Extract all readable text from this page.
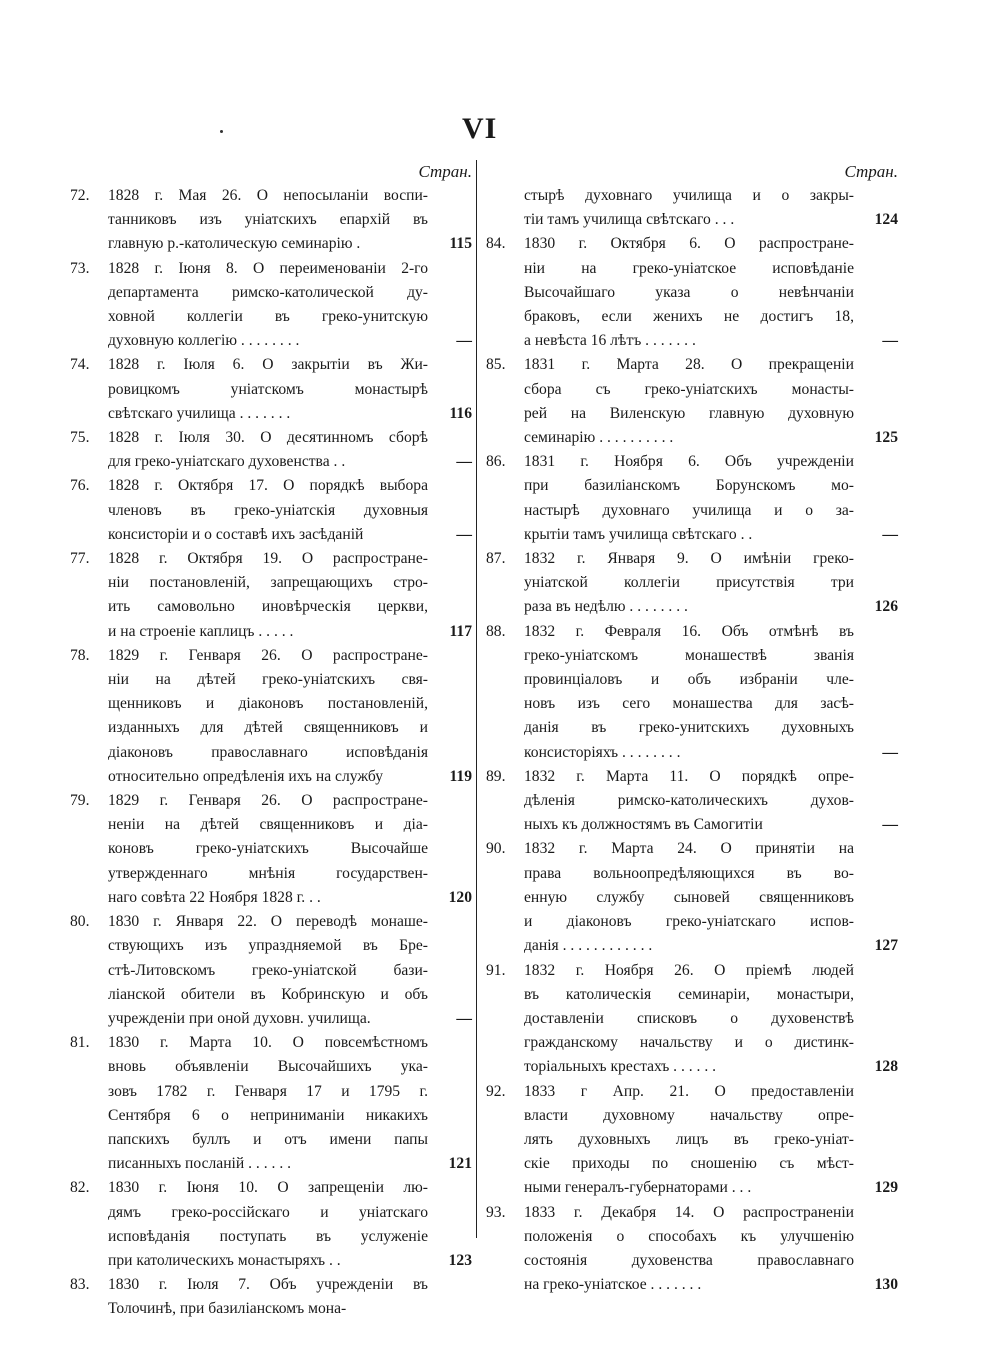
VI
Стран.
72. 1828 г. Мая 26. О непосыланіи воспи-
танниковъ изъ уніатскихъ епархій въ
главную р.-католическую семинарію .	115
73. 1828 г. Іюня 8. О переименованіи 2-го
департамента римско-католической ду-
ховной коллегіи въ греко-унитскую
духовную коллегію . . . . . . . .	—
74. 1828 г. Іюля 6. О закрытіи въ Жи-
ровицкомъ уніатскомъ монастырѣ
свѣтскаго училища . . . . . . .	116
75. 1828 г. Іюля 30. О десятинномъ сборѣ
для греко-уніатскаго духовенства . .	—
76. 1828 г. Октября 17. О порядкѣ выбора
членовъ въ греко-уніатскія духовныя
консисторіи и о составѣ ихъ засѣданій	—
77. 1828 г. Октября 19. О распростране-
ніи постановленій, запрещающихъ стро-
ить самовольно иновѣрческія церкви,
и на строеніе каплицъ . . . . .	117
78. 1829 г. Генваря 26. О распростране-
ніи на дѣтей греко-уніатскихъ свя-
щенниковъ и діаконовъ постановленій,
изданныхъ для дѣтей священниковъ и
діаконовъ православнаго исповѣданія
относительно опредѣленія ихъ на службу	119
79. 1829 г. Генваря 26. О распростране-
неніи на дѣтей священниковъ и діа-
коновъ греко-уніатскихъ Высочайше
утвержденнаго мнѣнія государствен-
наго совѣта 22 Ноября 1828 г. . .	120
80. 1830 г. Января 22. О переводѣ монаше-
ствующихъ изъ упраздняемой въ Бре-
стѣ-Литовскомъ греко-уніатской бази-
ліанской обители въ Кобринскую и объ
учрежденіи при оной духовн. училища.	—
81. 1830 г. Марта 10. О повсемѣстномъ
вновь объявленіи Высочайшихъ ука-
зовъ 1782 г. Генваря 17 и 1795 г.
Сентября 6 о непринимaніи никакихъ
папскихъ буллъ и отъ имени папы
писанныхъ посланій . . . . . .	121
82. 1830 г. Іюня 10. О запрещеніи лю-
дямъ греко-россійскаго и уніатскаго
исповѣданія поступать въ услуженіе
при католическихъ монастыряхъ . .	123
83. 1830 г. Іюля 7. Объ учрежденіи въ
Толочинѣ, при базиліанскомъ мона-
Стран.
стырѣ духовнаго училища и о закры-
тіи тамъ училища свѣтскаго . . .	124
84. 1830 г. Октября 6. О распростране-
ніи на греко-уніатское исповѣданіе
Высочайшаго указа о невѣнчаніи
браковъ, если женихъ не достигъ 18,
а невѣста 16 лѣтъ . . . . . . .	—
85. 1831 г. Марта 28. О прекращеніи
сбора съ греко-уніатскихъ монасты-
рей на Виленскую главную духовную
семинарію . . . . . . . . . .	125
86. 1831 г. Ноября 6. Объ учрежденіи
при базиліанскомъ Борунскомъ мо-
настырѣ духовнаго училища и о за-
крытіи тамъ училища свѣтскаго . .	—
87. 1832 г. Января 9. О имѣніи греко-
уніатской коллегіи присутствія три
раза въ недѣлю . . . . . . . .	126
88. 1832 г. Февраля 16. Объ отмѣнѣ въ
греко-уніатскомъ монашествѣ званія
провинціаловъ и объ избраніи чле-
новъ изъ сего монашества для засѣ-
данія въ греко-унитскихъ духовныхъ
консисторіяхъ . . . . . . . .	—
89. 1832 г. Марта 11. О порядкѣ опре-
дѣленія римско-католическихъ духов-
ныхъ къ должностямъ въ Самогитіи	—
90. 1832 г. Марта 24. О принятіи на
права вольноопредѣляющихся въ во-
енную службу сыновей священниковъ
и діаконовъ греко-уніатскаго испов-
данія . . . . . . . . . . . .	127
91. 1832 г. Ноября 26. О пріемѣ людей
въ католическія семинаріи, монастыри,
доставленіи списковъ о духовенствѣ
гражданскому начальству и о дистинк-
торіальныхъ крестахъ . . . . . .	128
92. 1833 г Апр. 21. О предоставленіи
власти духовному начальству опре-
лять духовныхъ лицъ въ греко-уніат-
скіе приходы по сношенію съ мѣст-
ными генералъ-губернаторами . . .	129
93. 1833 г. Декабря 14. О распространеніи
положенія о способахъ къ улучшенію
состоянія духовенства православнаго
на греко-уніатское . . . . . . .	130
